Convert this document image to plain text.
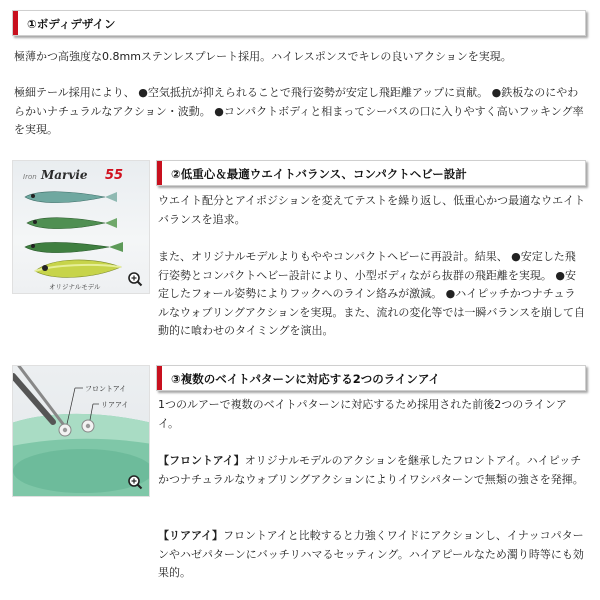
①ボディデザイン
極薄かつ高強度な0.8mmステンレスプレート採用。ハイレスポンスでキレの良いアクションを実現。
極細テール採用により、 ●空気抵抗が抑えられることで飛行姿勢が安定し飛距離アップに貢献。 ●鉄板なのにやわらかいナチュラルなアクション・波動。 ●コンパクトボディと相まってシーバスの口に入りやすく高いフッキング率を実現。
Iron Marvie 55
オリジナルモデル
②低重心＆最適ウエイトバランス、コンパクトヘビー設計
ウエイト配分とアイポジションを変えてテストを繰り返し、低重心かつ最適なウエイトバランスを追求。
また、オリジナルモデルよりもややコンパクトヘビーに再設計。結果、 ●安定した飛行姿勢とコンパクトヘビー設計により、小型ボディながら抜群の飛距離を実現。 ●安定したフォール姿勢によりフックへのライン絡みが激減。 ●ハイピッチかつナチュラルなウォブリングアクションを実現。また、流れの変化等では一瞬バランスを崩して自動的に喰わせのタイミングを演出。
フロントアイ
リアアイ
③複数のベイトパターンに対応する2つのラインアイ
1つのルアーで複数のベイトパターンに対応するため採用された前後2つのラインアイ。
【フロントアイ】オリジナルモデルのアクションを継承したフロントアイ。ハイピッチかつナチュラルなウォブリングアクションによりイワシパターンで無類の強さを発揮。
【リアアイ】フロントアイと比較すると力強くワイドにアクションし、イナッコパターンやハゼパターンにバッチリハマるセッティング。ハイアピールなため濁り時等にも効果的。
